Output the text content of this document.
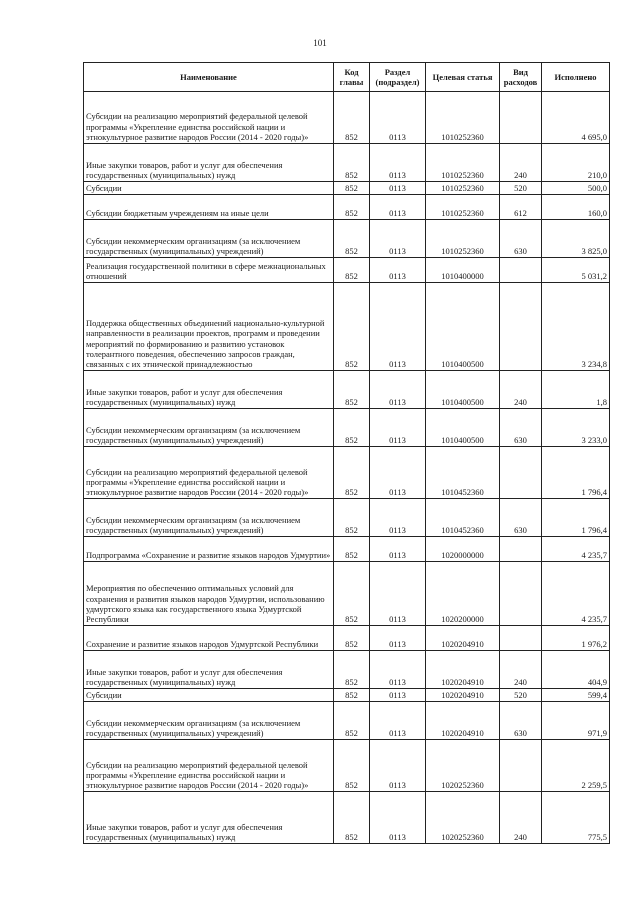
101
Наименование	Код главы	Раздел (подраздел)	Целевая статья	Вид расходов	Исполнено
Субсидии на реализацию мероприятий федеральной целевой программы «Укрепление единства российской нации и этнокультурное развитие народов России (2014 - 2020 годы)»	852	0113	1010252360		4 695,0
Иные закупки товаров, работ и услуг для обеспечения государственных (муниципальных) нужд	852	0113	1010252360	240	210,0
Субсидии	852	0113	1010252360	520	500,0
Субсидии бюджетным учреждениям на иные цели	852	0113	1010252360	612	160,0
Субсидии некоммерческим организациям (за исключением государственных (муниципальных) учреждений)	852	0113	1010252360	630	3 825,0
Реализация государственной политики в сфере межнациональных отношений	852	0113	1010400000		5 031,2
Поддержка общественных объединений национально-культурной направленности в реализации проектов, программ и проведении мероприятий по формированию и развитию установок толерантного поведения, обеспечению запросов граждан, связанных с их этнической принадлежностью	852	0113	1010400500		3 234,8
Иные закупки товаров, работ и услуг для обеспечения государственных (муниципальных) нужд	852	0113	1010400500	240	1,8
Субсидии некоммерческим организациям (за исключением государственных (муниципальных) учреждений)	852	0113	1010400500	630	3 233,0
Субсидии на реализацию мероприятий федеральной целевой программы «Укрепление единства российской нации и этнокультурное развитие народов России (2014 - 2020 годы)»	852	0113	1010452360		1 796,4
Субсидии некоммерческим организациям (за исключением государственных (муниципальных) учреждений)	852	0113	1010452360	630	1 796,4
Подпрограмма «Сохранение и развитие языков народов Удмуртии»	852	0113	1020000000		4 235,7
Мероприятия по обеспечению оптимальных условий для сохранения и развития языков народов Удмуртии, использованию удмуртского языка как государственного языка Удмуртской Республики	852	0113	1020200000		4 235,7
Сохранение и развитие языков народов Удмуртской Республики	852	0113	1020204910		1 976,2
Иные закупки товаров, работ и услуг для обеспечения государственных (муниципальных) нужд	852	0113	1020204910	240	404,9
Субсидии	852	0113	1020204910	520	599,4
Субсидии некоммерческим организациям (за исключением государственных (муниципальных) учреждений)	852	0113	1020204910	630	971,9
Субсидии на реализацию мероприятий федеральной целевой программы «Укрепление единства российской нации и этнокультурное развитие народов России (2014 - 2020 годы)»	852	0113	1020252360		2 259,5
Иные закупки товаров, работ и услуг для обеспечения государственных (муниципальных) нужд	852	0113	1020252360	240	775,5
